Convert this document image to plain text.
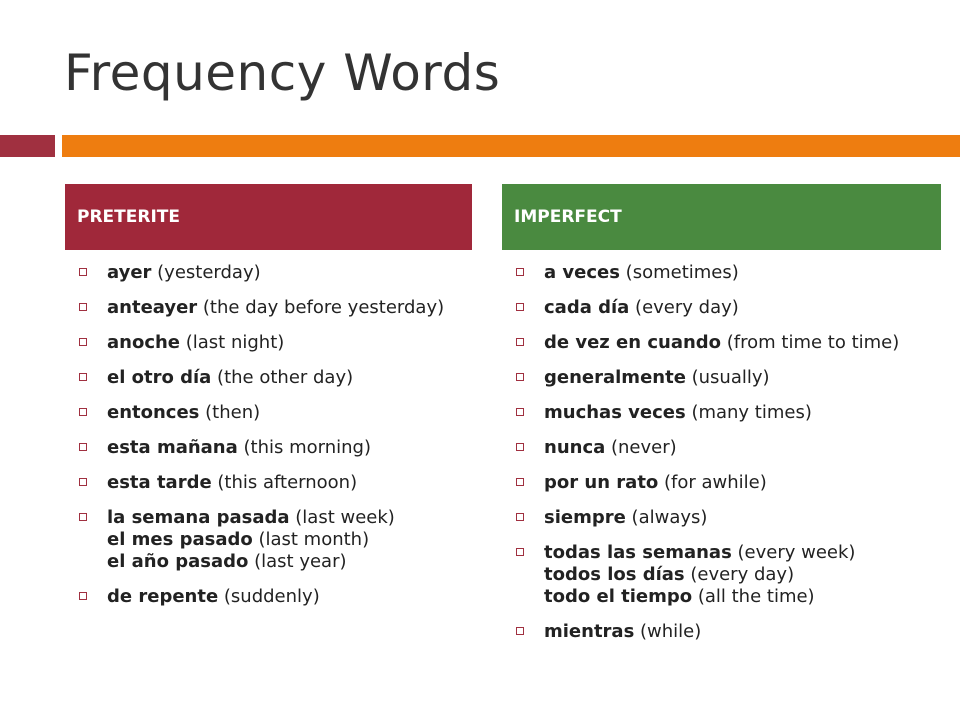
Frequency Words
PRETERITE	IMPERFECT
ayer (yesterday)
anteayer (the day before yesterday)
anoche (last night)
el otro día (the other day)
entonces (then)
esta mañana (this morning)
esta tarde (this afternoon)
la semana pasada (last week)
el mes pasado (last month)
el año pasado (last year)
de repente (suddenly)
a veces (sometimes)
cada día (every day)
de vez en cuando (from time to time)
generalmente (usually)
muchas veces (many times)
nunca (never)
por un rato (for awhile)
siempre (always)
todas las semanas (every week)
todos los días (every day)
todo el tiempo (all the time)
mientras (while)
